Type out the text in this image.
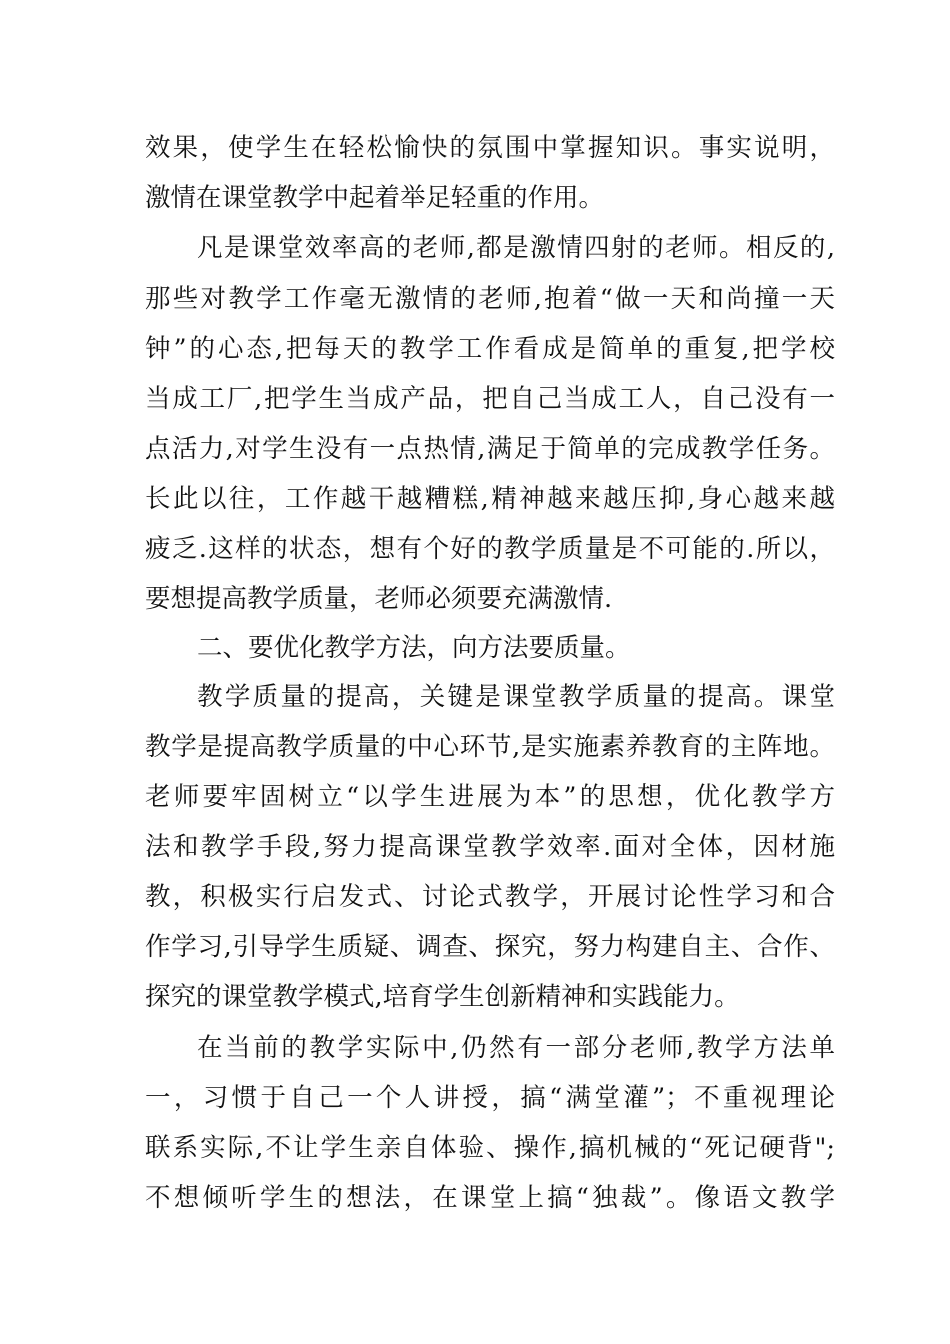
效果，使学生在轻松愉快的氛围中掌握知识。事实说明，
激情在课堂教学中起着举足轻重的作用。
凡是课堂效率高的老师,都是激情四射的老师。相反的,
那些对教学工作毫无激情的老师,抱着“做一天和尚撞一天
钟”的心态,把每天的教学工作看成是简单的重复,把学校
当成工厂,把学生当成产品，把自己当成工人，自己没有一
点活力,对学生没有一点热情,满足于简单的完成教学任务。
长此以往，工作越干越糟糕,精神越来越压抑,身心越来越
疲乏.这样的状态，想有个好的教学质量是不可能的.所以，
要想提高教学质量，老师必须要充满激情.
二、要优化教学方法，向方法要质量。
教学质量的提高，关键是课堂教学质量的提高。课堂
教学是提高教学质量的中心环节,是实施素养教育的主阵地。
老师要牢固树立“以学生进展为本”的思想，优化教学方
法和教学手段,努力提高课堂教学效率.面对全体，因材施
教，积极实行启发式、讨论式教学，开展讨论性学习和合
作学习,引导学生质疑、调查、探究，努力构建自主、合作、
探究的课堂教学模式,培育学生创新精神和实践能力。
在当前的教学实际中,仍然有一部分老师,教学方法单
一，习惯于自己一个人讲授，搞“满堂灌”；不重视理论
联系实际,不让学生亲自体验、操作,搞机械的“死记硬背";
不想倾听学生的想法，在课堂上搞“独裁”。像语文教学
